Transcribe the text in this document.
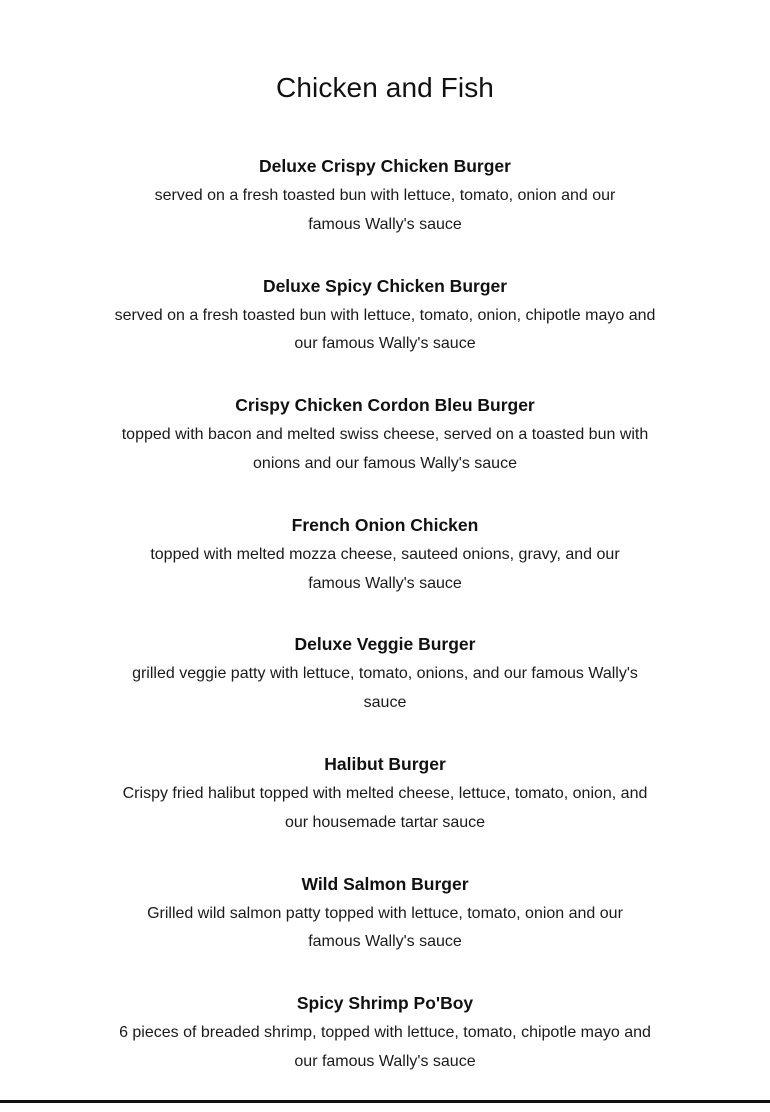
Chicken and Fish
Deluxe Crispy Chicken Burger

served on a fresh toasted bun with lettuce, tomato, onion and our famous Wally's sauce

Deluxe Spicy Chicken Burger

served on a fresh toasted bun with lettuce, tomato, onion, chipotle mayo and our famous Wally's sauce

Crispy Chicken Cordon Bleu Burger

topped with bacon and melted swiss cheese, served on a toasted bun with onions and our famous Wally's sauce

French Onion Chicken

topped with melted mozza cheese, sauteed onions, gravy, and our famous Wally's sauce

Deluxe Veggie Burger

grilled veggie patty with lettuce, tomato, onions, and our famous Wally's sauce

Halibut Burger

Crispy fried halibut topped with melted cheese, lettuce, tomato, onion, and our housemade tartar sauce

Wild Salmon Burger

Grilled wild salmon patty topped with lettuce, tomato, onion and our famous Wally's sauce

Spicy Shrimp Po'Boy

6 pieces of breaded shrimp, topped with lettuce, tomato, chipotle mayo and our famous Wally's sauce
